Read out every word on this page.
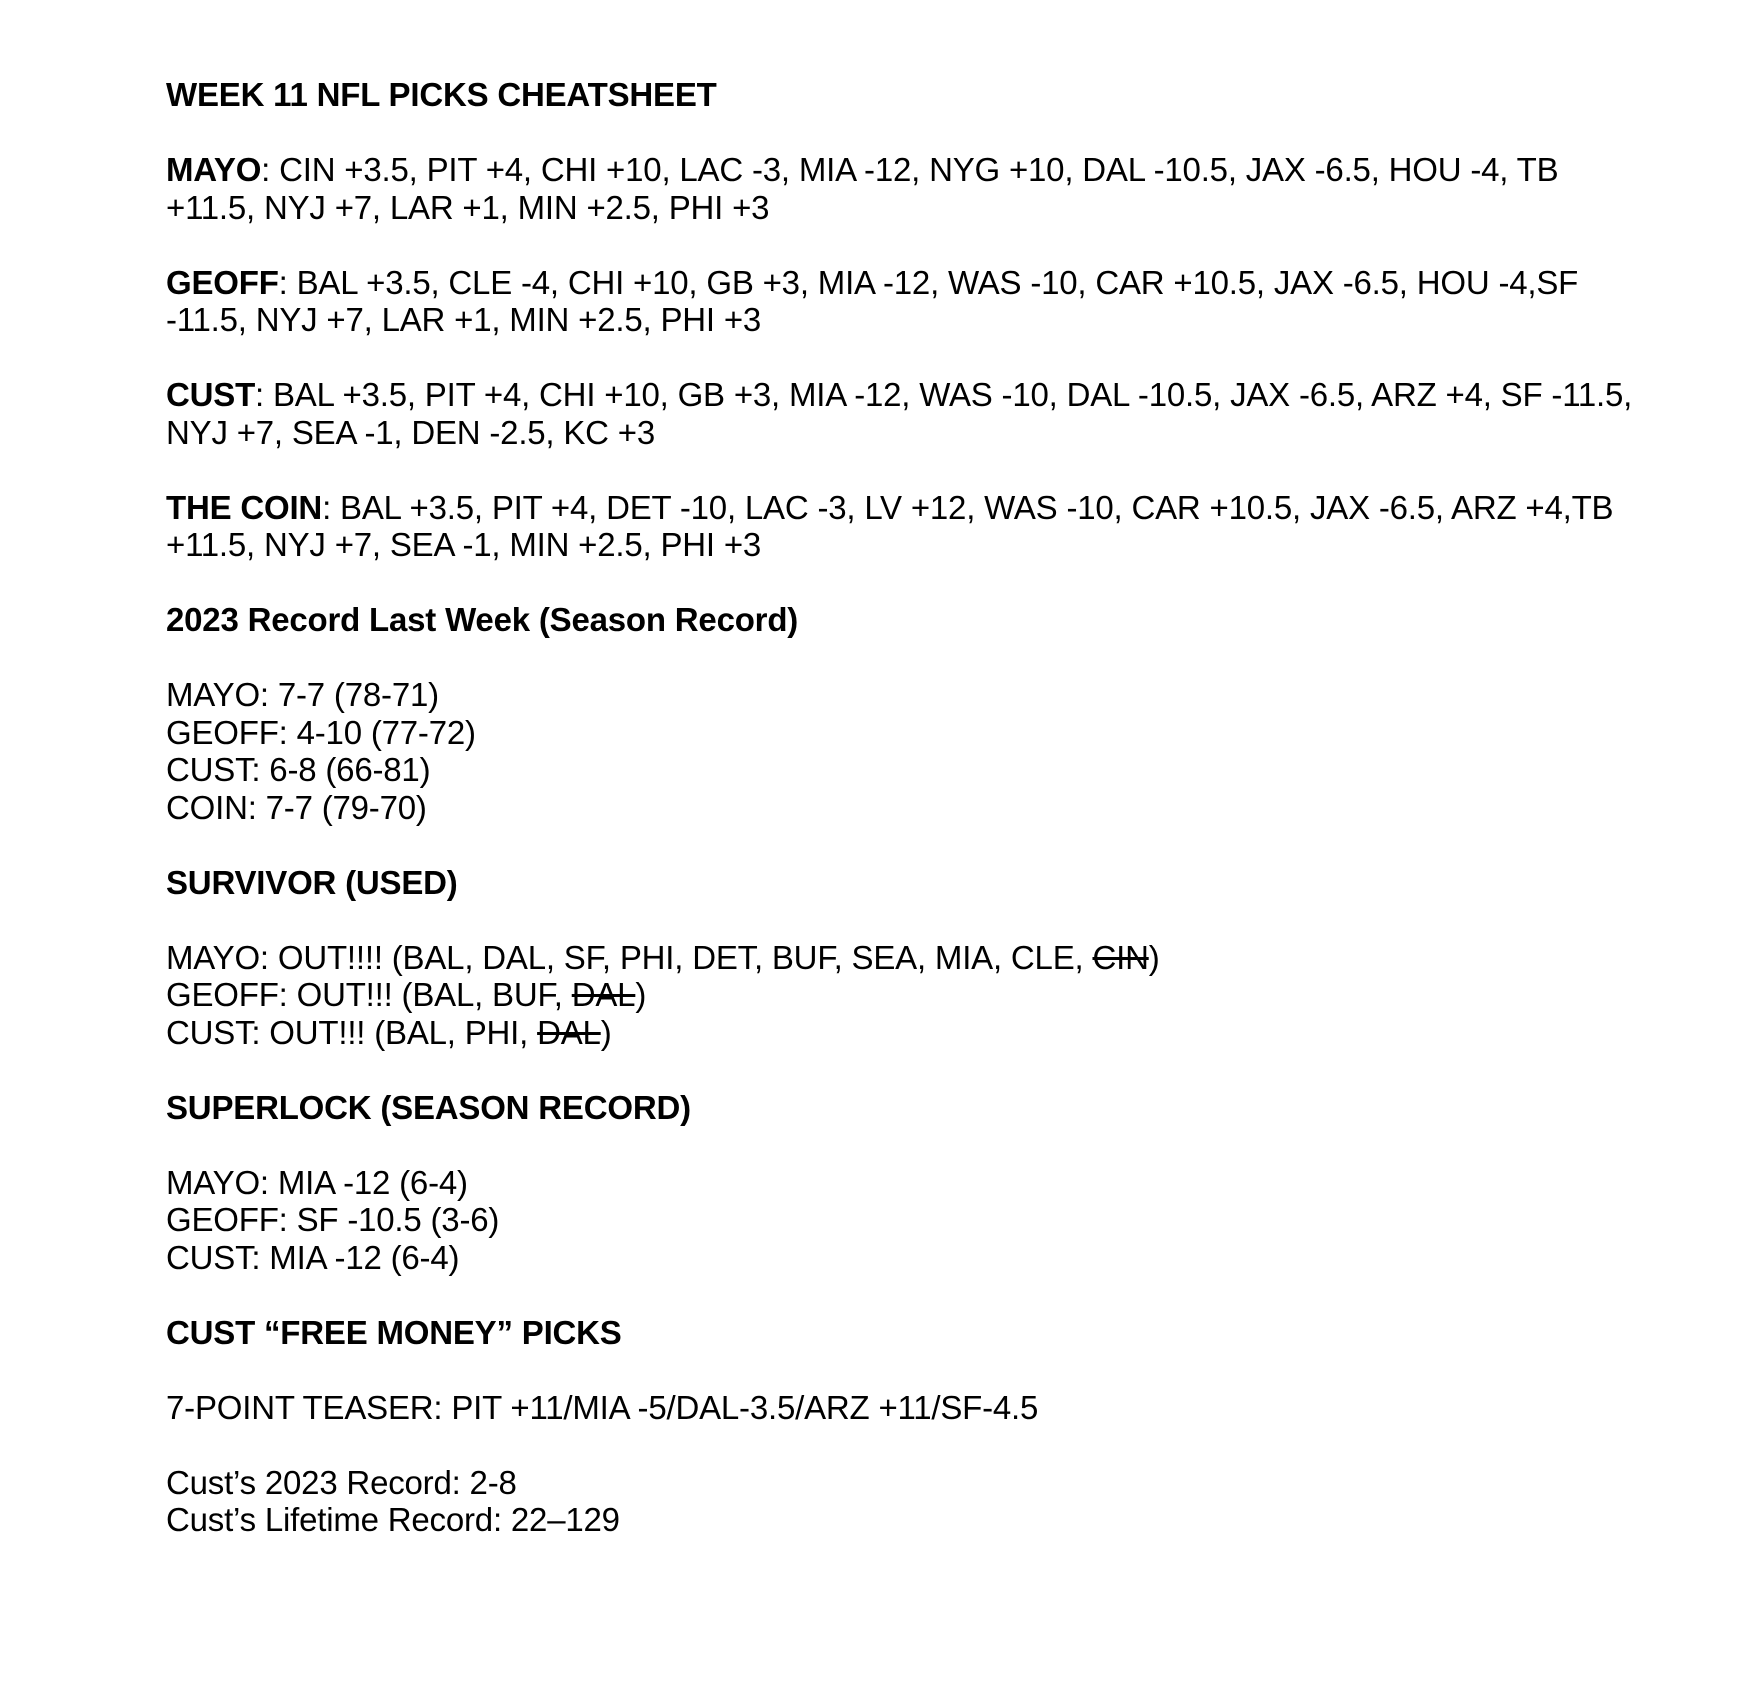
WEEK 11 NFL PICKS CHEATSHEET
MAYO: CIN +3.5, PIT +4, CHI +10, LAC -3, MIA -12, NYG +10, DAL -10.5, JAX -6.5, HOU -4, TB +11.5, NYJ +7, LAR +1, MIN +2.5, PHI +3
GEOFF: BAL +3.5, CLE -4, CHI +10, GB +3, MIA -12, WAS -10, CAR +10.5, JAX -6.5, HOU -4,SF -11.5, NYJ +7, LAR +1, MIN +2.5, PHI +3
CUST: BAL +3.5, PIT +4, CHI +10, GB +3, MIA -12, WAS -10, DAL -10.5, JAX -6.5, ARZ +4, SF -11.5, NYJ +7, SEA -1, DEN -2.5, KC +3
THE COIN: BAL +3.5, PIT +4, DET -10, LAC -3, LV +12, WAS -10, CAR +10.5, JAX -6.5, ARZ +4,TB +11.5, NYJ +7, SEA -1, MIN +2.5, PHI +3
2023 Record Last Week (Season Record)
MAYO: 7-7 (78-71)
GEOFF: 4-10 (77-72)
CUST: 6-8 (66-81)
COIN: 7-7 (79-70)
SURVIVOR (USED)
MAYO: OUT!!!! (BAL, DAL, SF, PHI, DET, BUF, SEA, MIA, CLE, CIN)
GEOFF: OUT!!! (BAL, BUF, DAL)
CUST: OUT!!! (BAL, PHI, DAL)
SUPERLOCK (SEASON RECORD)
MAYO: MIA -12 (6-4)
GEOFF: SF -10.5 (3-6)
CUST: MIA -12 (6-4)
CUST “FREE MONEY” PICKS
7-POINT TEASER: PIT +11/MIA -5/DAL-3.5/ARZ +11/SF-4.5
Cust’s 2023 Record: 2-8
Cust’s Lifetime Record: 22–129
